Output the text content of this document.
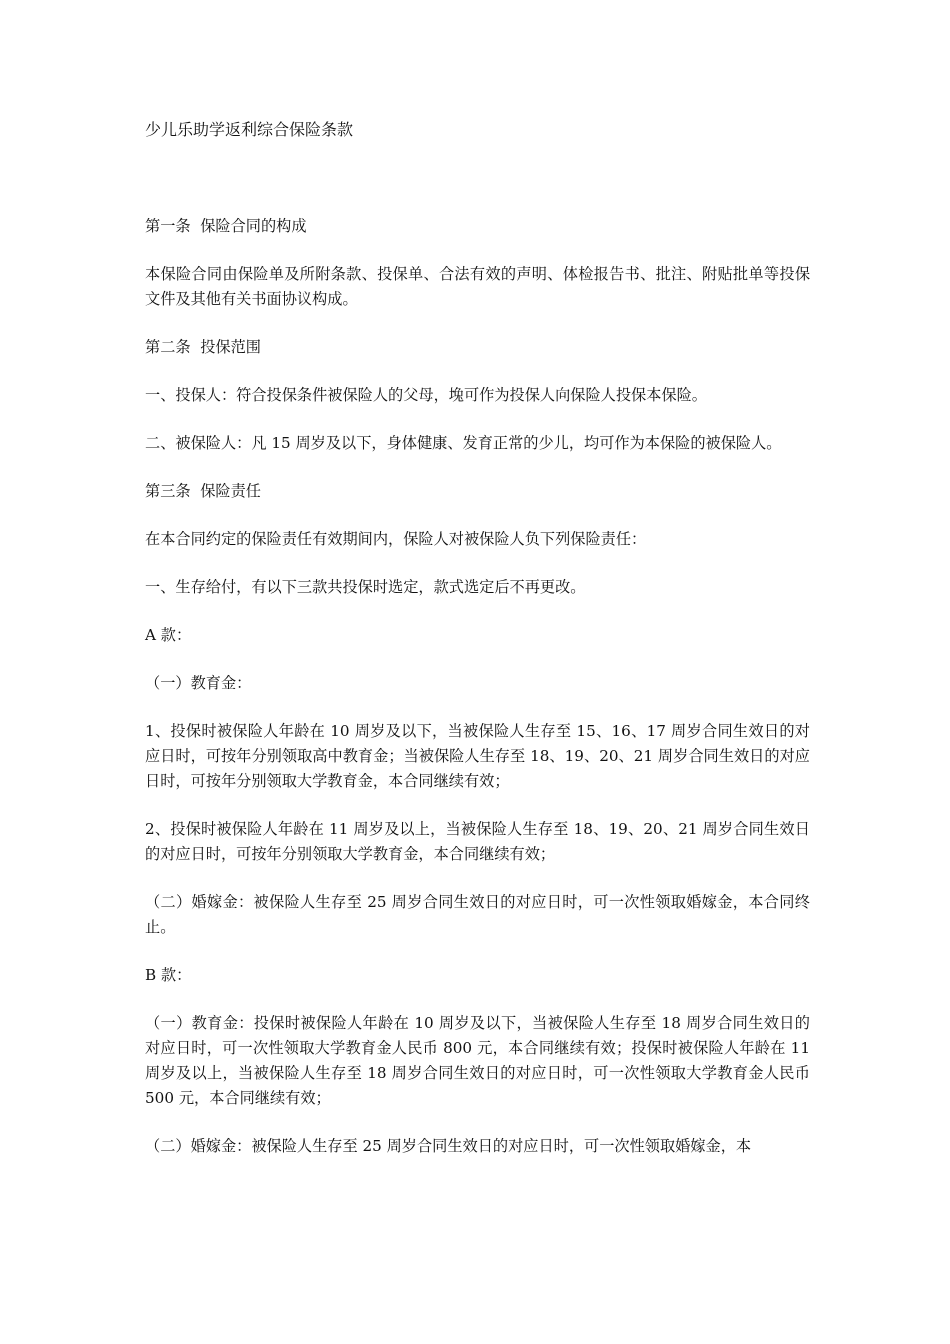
少儿乐助学返利综合保险条款

第一条  保险合同的构成

本保险合同由保险单及所附条款、投保单、合法有效的声明、体检报告书、批注、附贴批单等投保文件及其他有关书面协议构成。

第二条  投保范围

一、投保人：符合投保条件被保险人的父母，堍可作为投保人向保险人投保本保险。

二、被保险人：凡 15 周岁及以下，身体健康、发育正常的少儿，均可作为本保险的被保险人。

第三条  保险责任

在本合同约定的保险责任有效期间内，保险人对被保险人负下列保险责任：

一、生存给付，有以下三款共投保时选定，款式选定后不再更改。

A 款：

（一）教育金：

1、投保时被保险人年龄在 10 周岁及以下，当被保险人生存至 15、16、17 周岁合同生效日的对应日时，可按年分别领取高中教育金；当被保险人生存至 18、19、20、21 周岁合同生效日的对应日时，可按年分别领取大学教育金，本合同继续有效；

2、投保时被保险人年龄在 11 周岁及以上，当被保险人生存至 18、19、20、21 周岁合同生效日的对应日时，可按年分别领取大学教育金，本合同继续有效；

（二）婚嫁金：被保险人生存至 25 周岁合同生效日的对应日时，可一次性领取婚嫁金，本合同终止。

B 款：

（一）教育金：投保时被保险人年龄在 10 周岁及以下，当被保险人生存至 18 周岁合同生效日的对应日时，可一次性领取大学教育金人民币 800 元，本合同继续有效；投保时被保险人年龄在 11 周岁及以上，当被保险人生存至 18 周岁合同生效日的对应日时，可一次性领取大学教育金人民币 500 元，本合同继续有效；

（二）婚嫁金：被保险人生存至 25 周岁合同生效日的对应日时，可一次性领取婚嫁金，本
